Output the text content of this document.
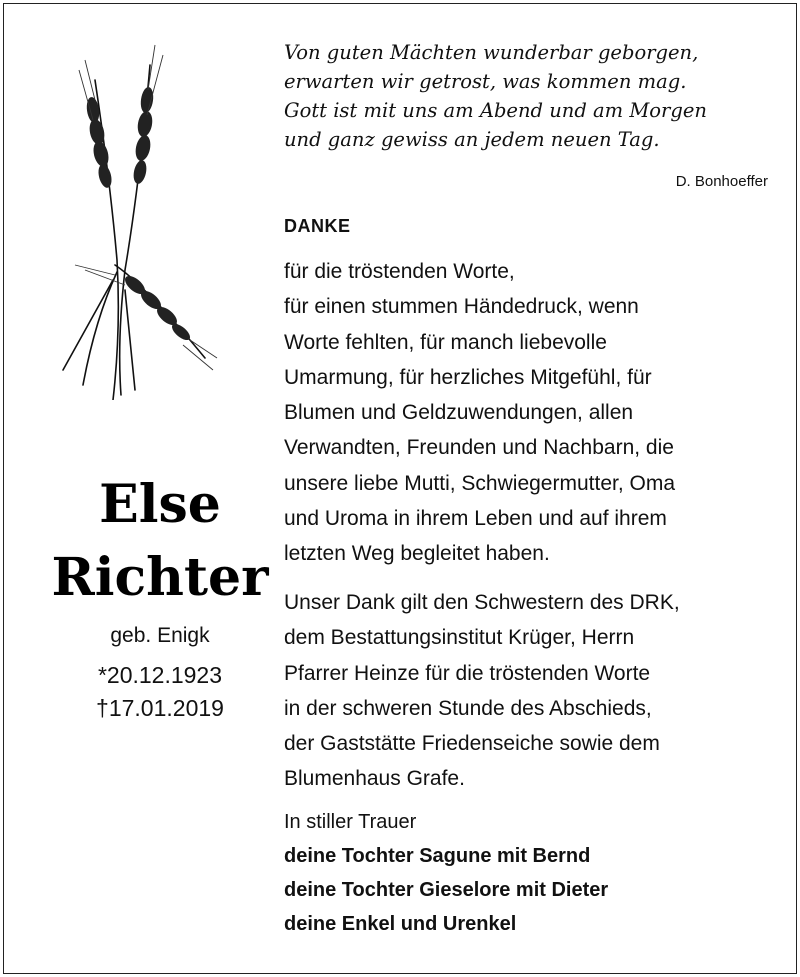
Von guten Mächten wunderbar geborgen,
erwarten wir getrost, was kommen mag.
Gott ist mit uns am Abend und am Morgen
und ganz gewiss an jedem neuen Tag.
D. Bonhoeffer
DANKE
für die tröstenden Worte,
für einen stummen Händedruck, wenn
Worte fehlten, für manch liebevolle
Umarmung, für herzliches Mitgefühl, für
Blumen und Geldzuwendungen, allen
Verwandten, Freunden und Nachbarn, die
unsere liebe Mutti, Schwiegermutter, Oma
und Uroma in ihrem Leben und auf ihrem
letzten Weg begleitet haben.
Unser Dank gilt den Schwestern des DRK,
dem Bestattungsinstitut Krüger, Herrn
Pfarrer Heinze für die tröstenden Worte
in der schweren Stunde des Abschieds,
der Gaststätte Friedenseiche sowie dem
Blumenhaus Grafe.
In stiller Trauer
deine Tochter Sagune mit Bernd
deine Tochter Gieselore mit Dieter
deine Enkel und Urenkel
Else
Richter
geb. Enigk
*20.12.1923
†17.01.2019
